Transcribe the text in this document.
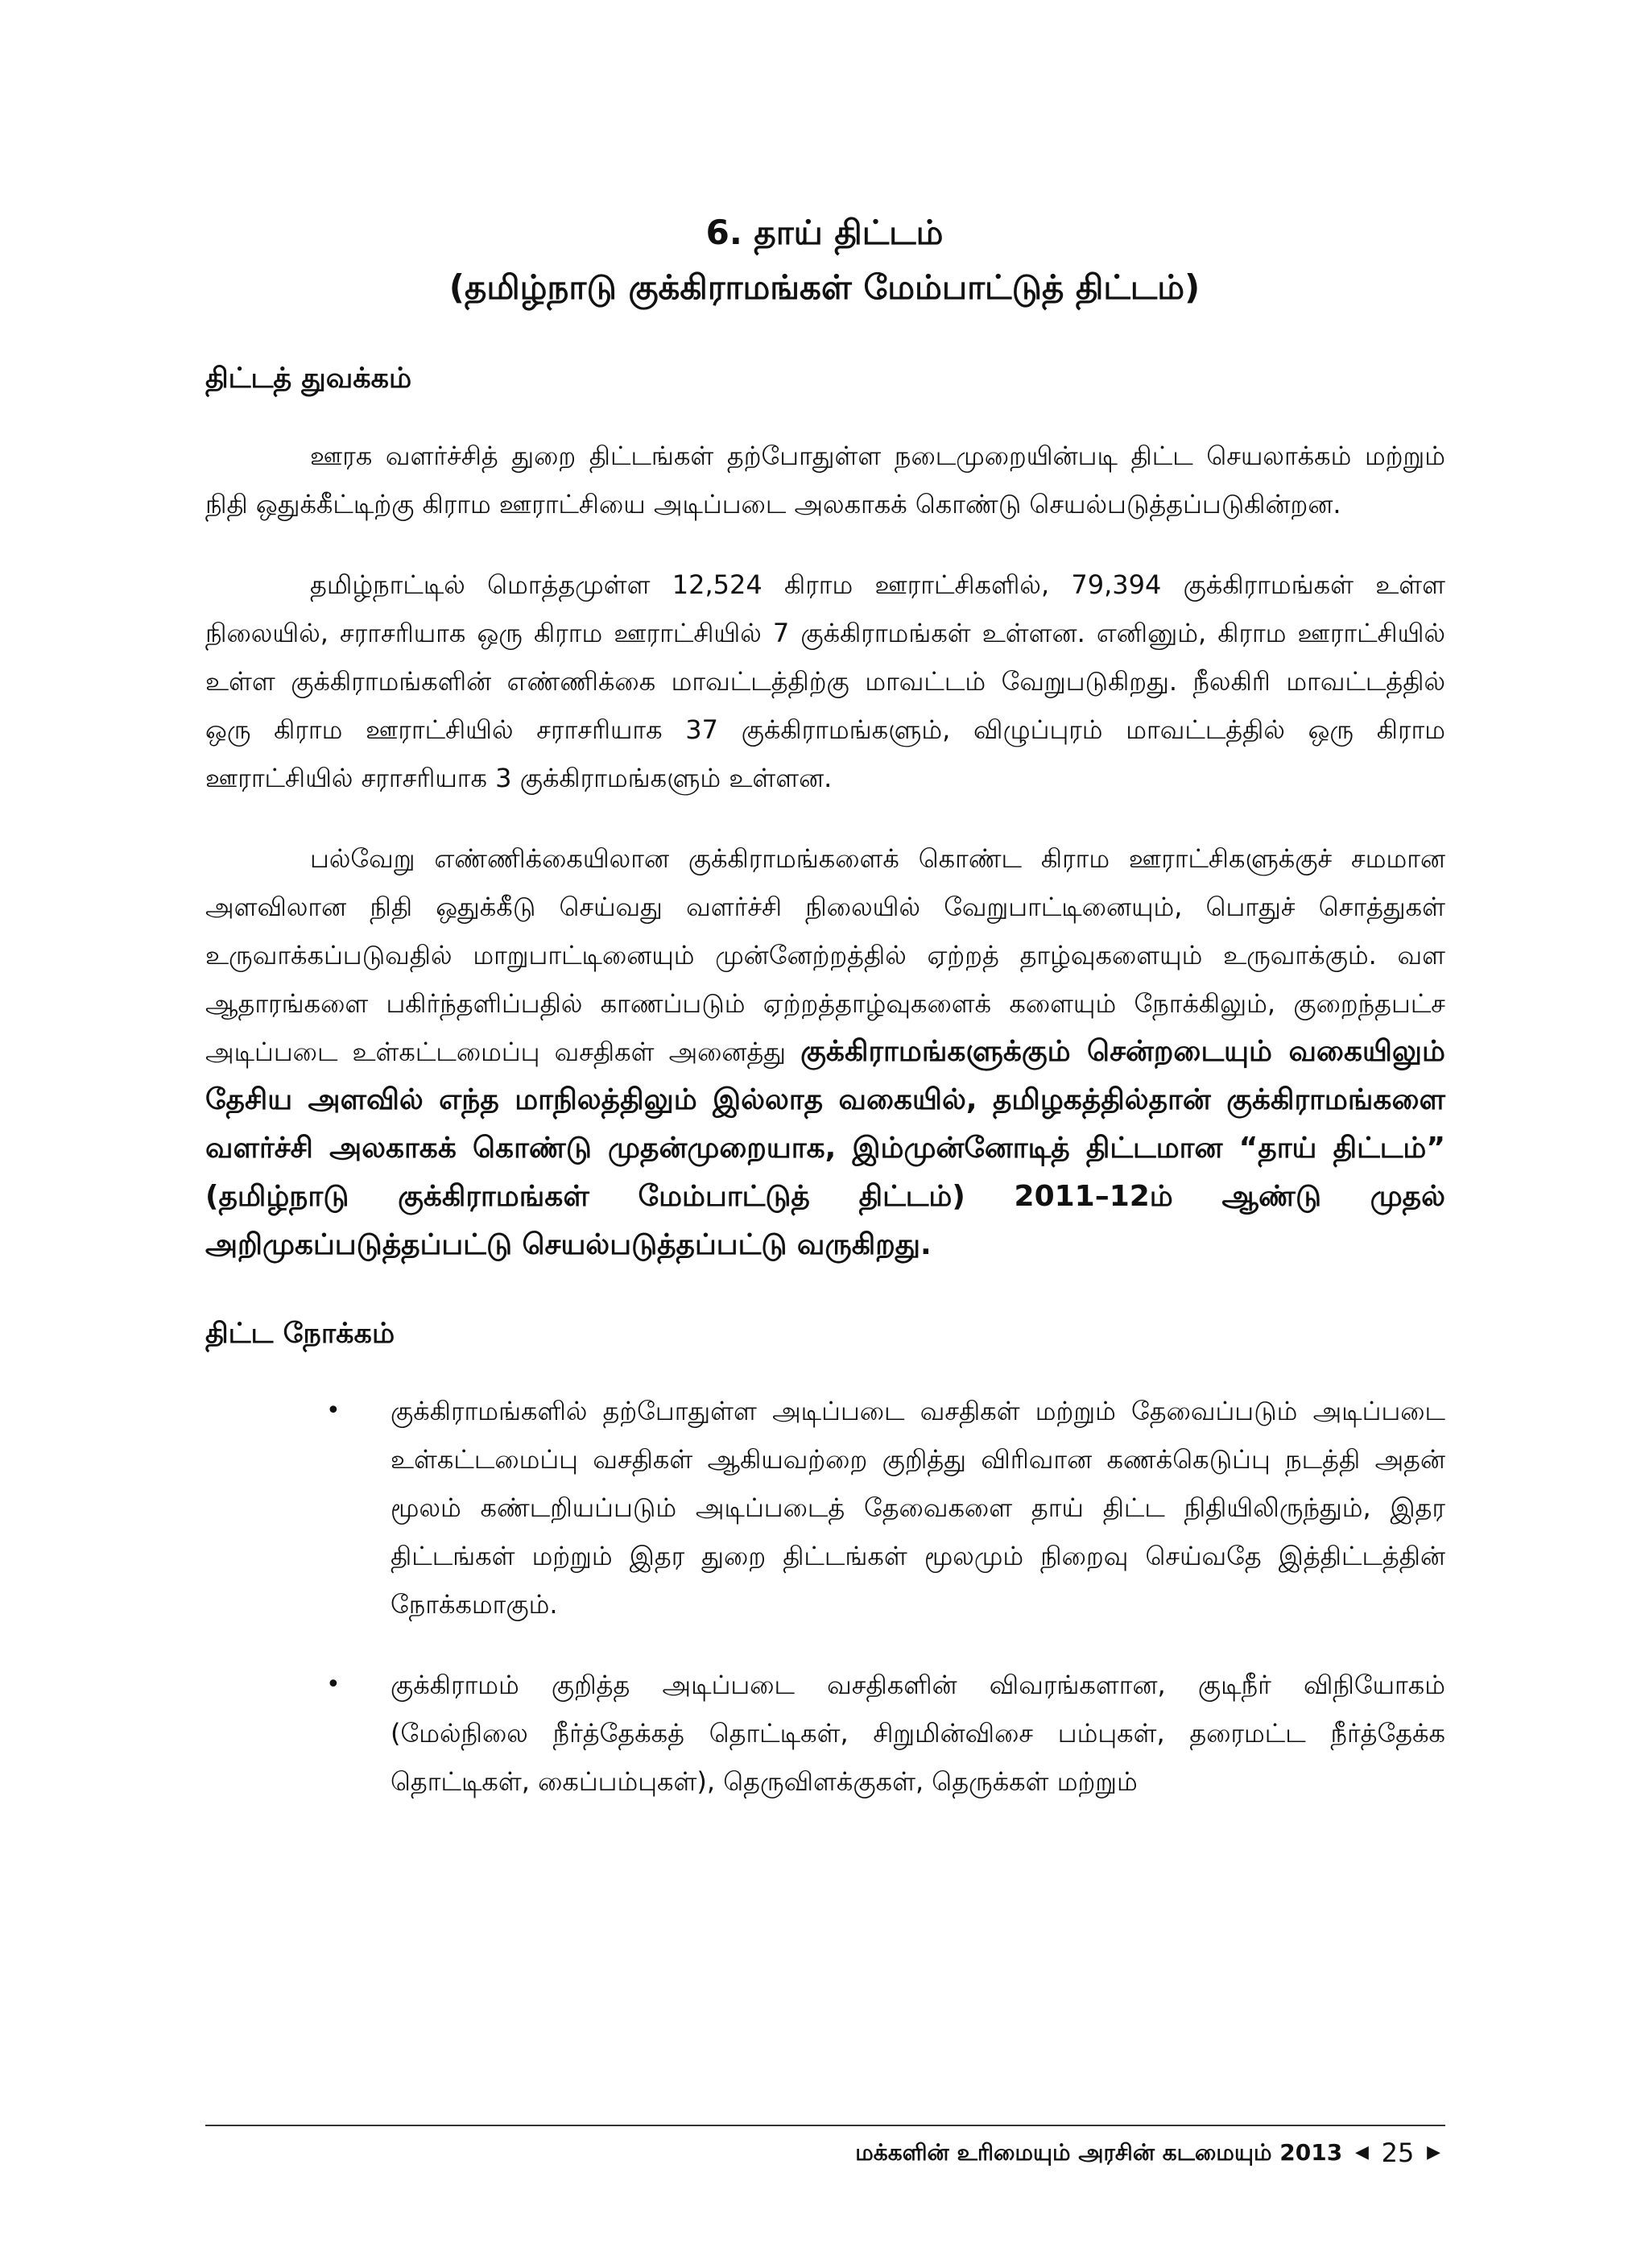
6. தாய் திட்டம்
(தமிழ்நாடு குக்கிராமங்கள் மேம்பாட்டுத் திட்டம்)
திட்டத் துவக்கம்

ஊரக வளர்ச்சித் துறை திட்டங்கள் தற்போதுள்ள நடைமுறையின்படி திட்ட செயலாக்கம் மற்றும் நிதி ஒதுக்கீட்டிற்கு கிராம ஊராட்சியை அடிப்படை அலகாகக் கொண்டு செயல்படுத்தப்படுகின்றன.

தமிழ்நாட்டில் மொத்தமுள்ள 12,524 கிராம ஊராட்சிகளில், 79,394 குக்கிராமங்கள் உள்ள நிலையில், சராசரியாக ஒரு கிராம ஊராட்சியில் 7 குக்கிராமங்கள் உள்ளன. எனினும், கிராம ஊராட்சியில் உள்ள குக்கிராமங்களின் எண்ணிக்கை மாவட்டத்திற்கு மாவட்டம் வேறுபடுகிறது. நீலகிரி மாவட்டத்தில் ஒரு கிராம ஊராட்சியில் சராசரியாக 37 குக்கிராமங்களும், விழுப்புரம் மாவட்டத்தில் ஒரு கிராம ஊராட்சியில் சராசரியாக 3 குக்கிராமங்களும் உள்ளன.

பல்வேறு எண்ணிக்கையிலான குக்கிராமங்களைக் கொண்ட கிராம ஊராட்சிகளுக்குச் சமமான அளவிலான நிதி ஒதுக்கீடு செய்வது வளர்ச்சி நிலையில் வேறுபாட்டினையும், பொதுச் சொத்துகள் உருவாக்கப்படுவதில் மாறுபாட்டினையும் முன்னேற்றத்தில் ஏற்றத் தாழ்வுகளையும் உருவாக்கும். வள ஆதாரங்களை பகிர்ந்தளிப்பதில் காணப்படும் ஏற்றத்தாழ்வுகளைக் களையும் நோக்கிலும், குறைந்தபட்ச அடிப்படை உள்கட்டமைப்பு வசதிகள் அனைத்து குக்கிராமங்களுக்கும் சென்றடையும் வகையிலும் தேசிய அளவில் எந்த மாநிலத்திலும் இல்லாத வகையில், தமிழகத்தில்தான் குக்கிராமங்களை வளர்ச்சி அலகாகக் கொண்டு முதன்முறையாக, இம்முன்னோடித் திட்டமான “தாய் திட்டம்” (தமிழ்நாடு குக்கிராமங்கள் மேம்பாட்டுத் திட்டம்) 2011–12ம் ஆண்டு முதல் அறிமுகப்படுத்தப்பட்டு செயல்படுத்தப்பட்டு வருகிறது.

திட்ட நோக்கம்
• குக்கிராமங்களில் தற்போதுள்ள அடிப்படை வசதிகள் மற்றும் தேவைப்படும் அடிப்படை உள்கட்டமைப்பு வசதிகள் ஆகியவற்றை குறித்து விரிவான கணக்கெடுப்பு நடத்தி அதன் மூலம் கண்டறியப்படும் அடிப்படைத் தேவைகளை தாய் திட்ட நிதியிலிருந்தும், இதர திட்டங்கள் மற்றும் இதர துறை திட்டங்கள் மூலமும் நிறைவு செய்வதே இத்திட்டத்தின் நோக்கமாகும்.
• குக்கிராமம் குறித்த அடிப்படை வசதிகளின் விவரங்களான, குடிநீர் விநியோகம் (மேல்நிலை நீர்த்தேக்கத் தொட்டிகள், சிறுமின்விசை பம்புகள், தரைமட்ட நீர்த்தேக்க தொட்டிகள், கைப்பம்புகள்), தெருவிளக்குகள், தெருக்கள் மற்றும்
மக்களின் உரிமையும் அரசின் கடமையும் 2013 ◀ 25 ▶
